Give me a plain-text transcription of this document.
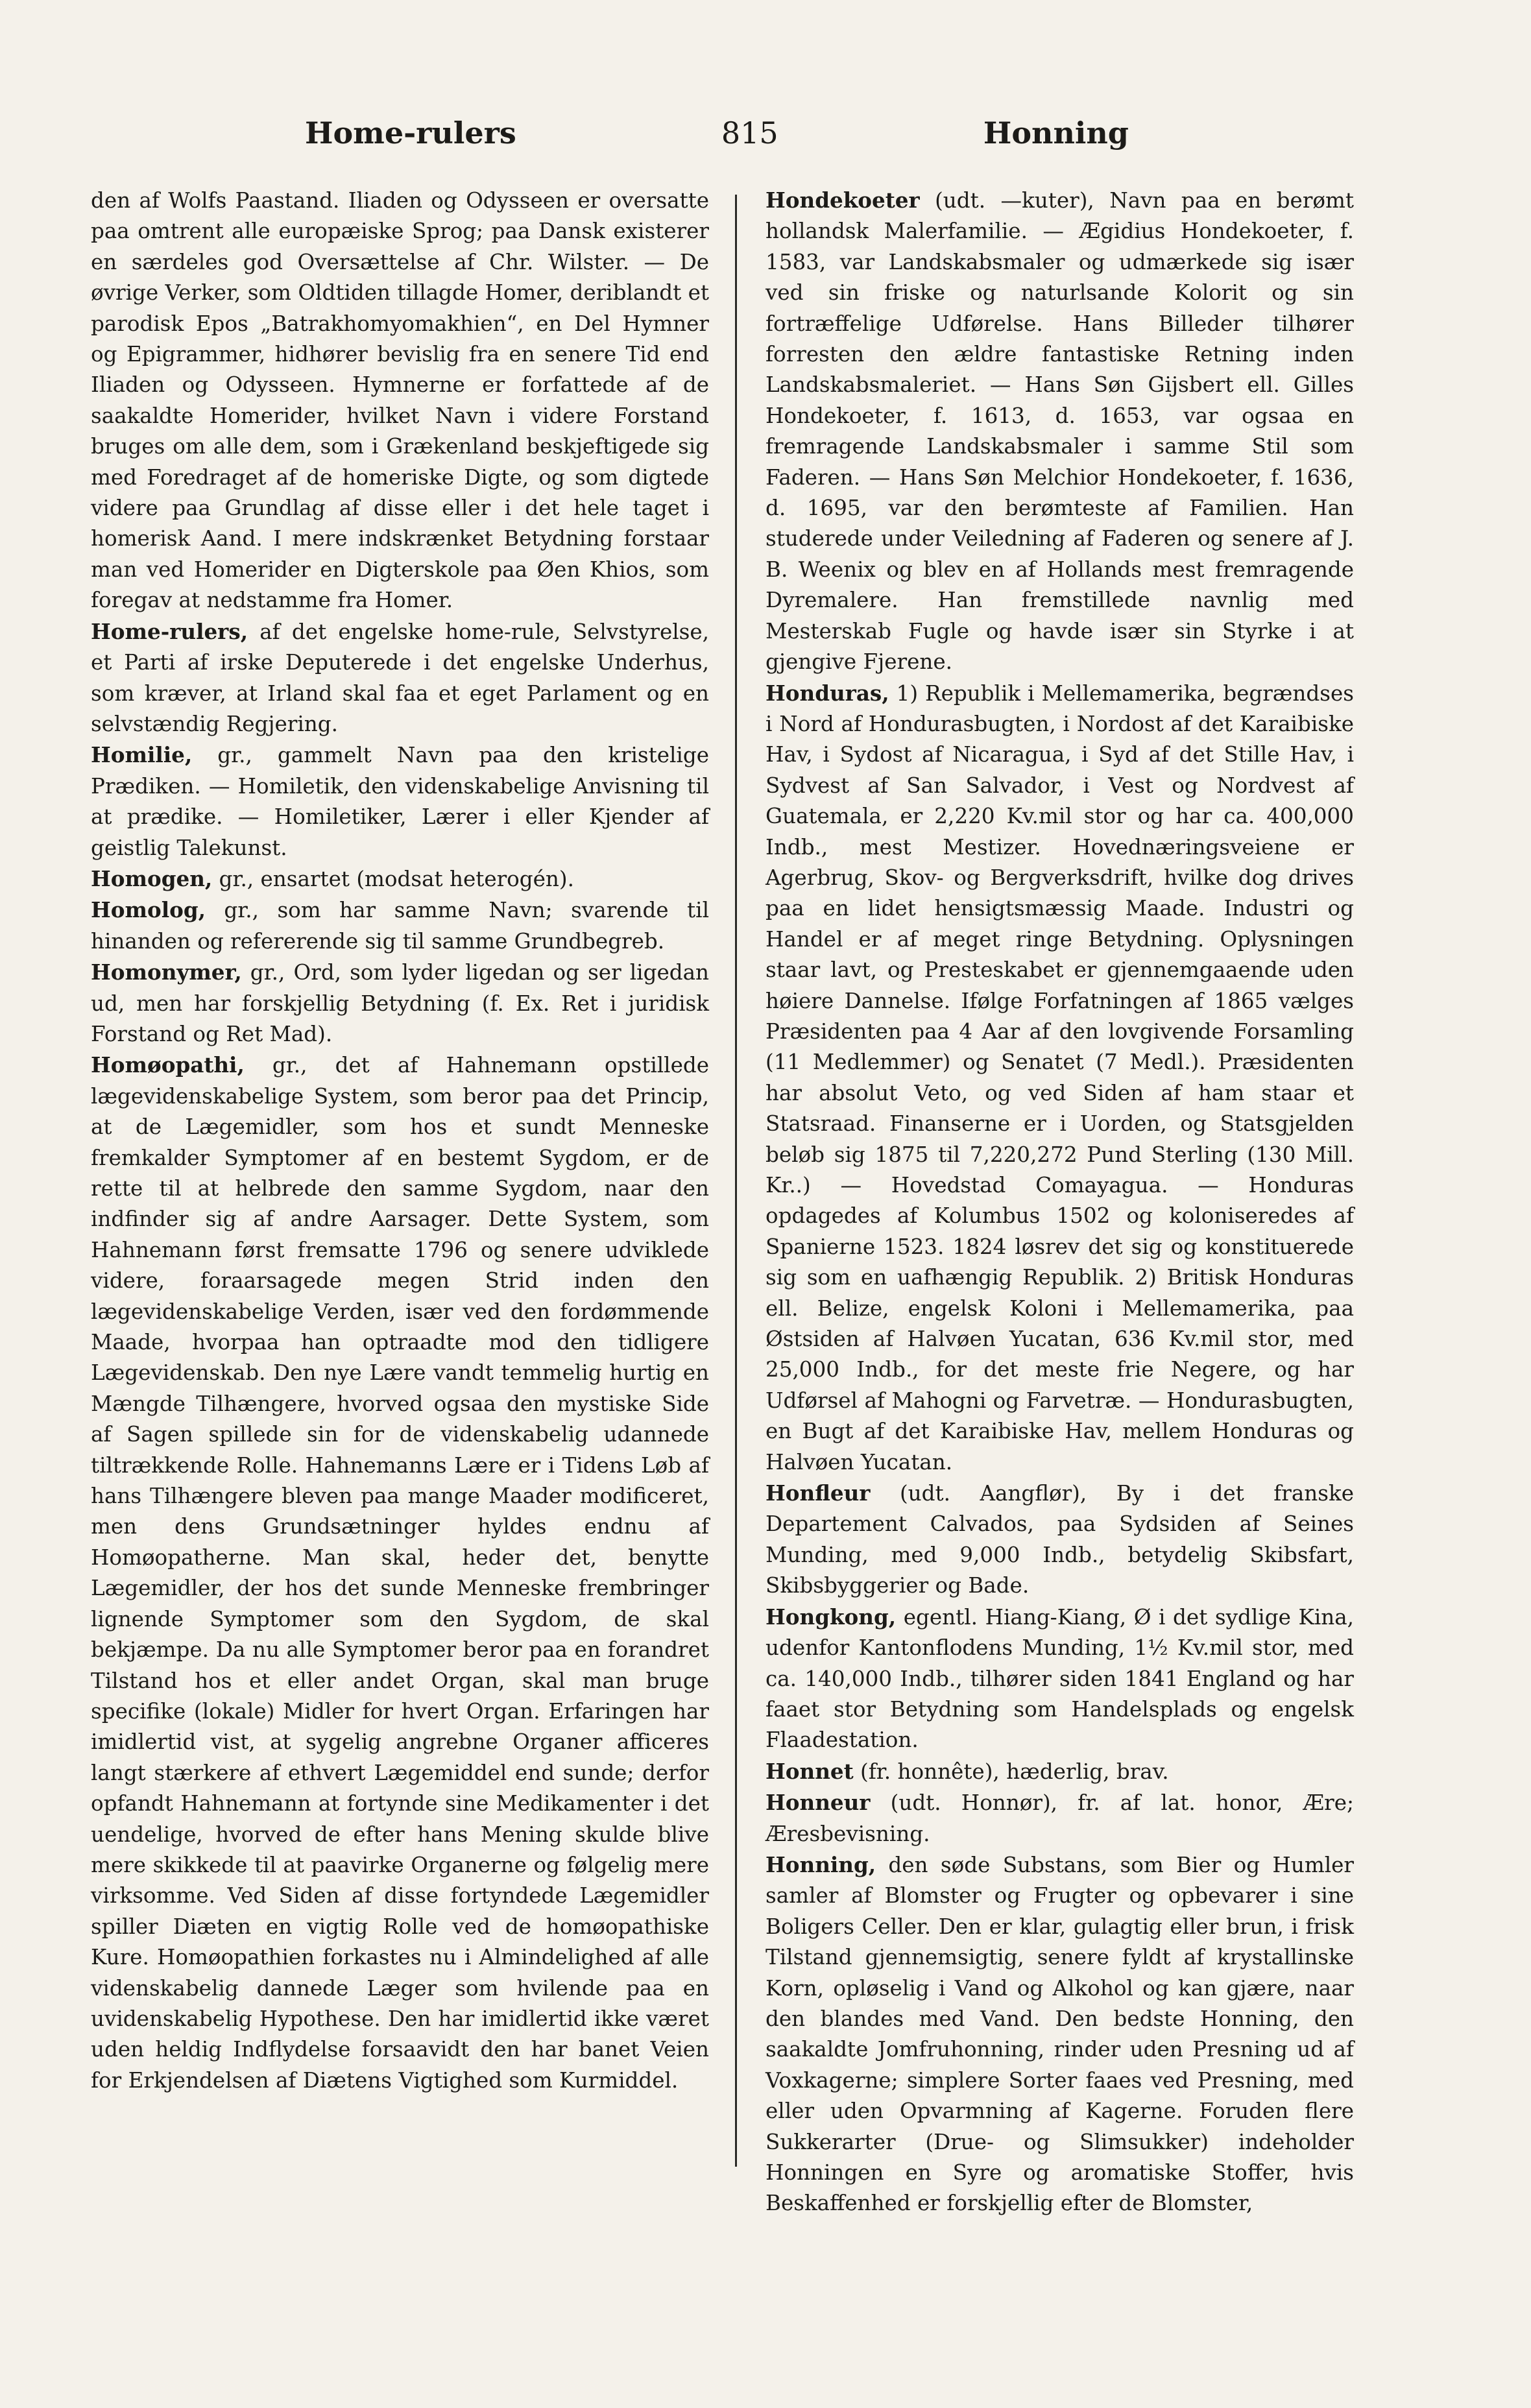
Home-rulers	815	Honning

den af Wolfs Paastand. Iliaden og Odysseen er oversatte paa omtrent alle europæiske Sprog; paa Dansk existerer en særdeles god Oversættelse af Chr. Wilster. — De øvrige Verker, som Oldtiden tillagde Homer, deriblandt et parodisk Epos „Batrakhomyomakhien“, en Del Hymner og Epigrammer, hidhører bevislig fra en senere Tid end Iliaden og Odysseen. Hymnerne er forfattede af de saakaldte Homerider, hvilket Navn i videre Forstand bruges om alle dem, som i Grækenland beskjeftigede sig med Foredraget af de homeriske Digte, og som digtede videre paa Grundlag af disse eller i det hele taget i homerisk Aand. I mere indskrænket Betydning forstaar man ved Homerider en Digterskole paa Øen Khios, som foregav at nedstamme fra Homer.

Home-rulers, af det engelske home-rule, Selvstyrelse, et Parti af irske Deputerede i det engelske Underhus, som kræver, at Irland skal faa et eget Parlament og en selvstændig Regjering.

Homilie, gr., gammelt Navn paa den kristelige Prædiken. — Homiletik, den videnskabelige Anvisning til at prædike. — Homiletiker, Lærer i eller Kjender af geistlig Talekunst.

Homogen, gr., ensartet (modsat heterogén).

Homolog, gr., som har samme Navn; svarende til hinanden og refererende sig til samme Grundbegreb.

Homonymer, gr., Ord, som lyder ligedan og ser ligedan ud, men har forskjellig Betydning (f. Ex. Ret i juridisk Forstand og Ret Mad).

Homøopathi, gr., det af Hahnemann opstillede lægevidenskabelige System, som beror paa det Princip, at de Lægemidler, som hos et sundt Menneske fremkalder Symptomer af en bestemt Sygdom, er de rette til at helbrede den samme Sygdom, naar den indfinder sig af andre Aarsager. Dette System, som Hahnemann først fremsatte 1796 og senere udviklede videre, foraarsagede megen Strid inden den lægevidenskabelige Verden, især ved den fordømmende Maade, hvorpaa han optraadte mod den tidligere Lægevidenskab. Den nye Lære vandt temmelig hurtig en Mængde Tilhængere, hvorved ogsaa den mystiske Side af Sagen spillede sin for de videnskabelig udannede tiltrækkende Rolle. Hahnemanns Lære er i Tidens Løb af hans Tilhængere bleven paa mange Maader modificeret, men dens Grundsætninger hyldes endnu af Homøopatherne. Man skal, heder det, benytte Lægemidler, der hos det sunde Menneske frembringer lignende Symptomer som den Sygdom, de skal bekjæmpe. Da nu alle Symptomer beror paa en forandret Tilstand hos et eller andet Organ, skal man bruge specifike (lokale) Midler for hvert Organ. Erfaringen har imidlertid vist, at sygelig angrebne Organer afficeres langt stærkere af ethvert Lægemiddel end sunde; derfor opfandt Hahnemann at fortynde sine Medikamenter i det uendelige, hvorved de efter hans Mening skulde blive mere skikkede til at paavirke Organerne og følgelig mere virksomme. Ved Siden af disse fortyndede Lægemidler spiller Diæten en vigtig Rolle ved de homøopathiske Kure. Homøopathien forkastes nu i Almindelighed af alle videnskabelig dannede Læger som hvilende paa en uvidenskabelig Hypothese. Den har imidlertid ikke været uden heldig Indflydelse forsaavidt den har banet Veien for Erkjendelsen af Diætens Vigtighed som Kurmiddel.

Hondekoeter (udt. —kuter), Navn paa en berømt hollandsk Malerfamilie. — Ægidius Hondekoeter, f. 1583, var Landskabsmaler og udmærkede sig især ved sin friske og naturlsande Kolorit og sin fortræffelige Udførelse. Hans Billeder tilhører forresten den ældre fantastiske Retning inden Landskabsmaleriet. — Hans Søn Gijsbert ell. Gilles Hondekoeter, f. 1613, d. 1653, var ogsaa en fremragende Landskabsmaler i samme Stil som Faderen. — Hans Søn Melchior Hondekoeter, f. 1636, d. 1695, var den berømteste af Familien. Han studerede under Veiledning af Faderen og senere af J. B. Weenix og blev en af Hollands mest fremragende Dyremalere. Han fremstillede navnlig med Mesterskab Fugle og havde især sin Styrke i at gjengive Fjerene.

Honduras, 1) Republik i Mellemamerika, begrændses i Nord af Hondurasbugten, i Nordost af det Karaibiske Hav, i Sydost af Nicaragua, i Syd af det Stille Hav, i Sydvest af San Salvador, i Vest og Nordvest af Guatemala, er 2,220 Kv.mil stor og har ca. 400,000 Indb., mest Mestizer. Hovednæringsveiene er Agerbrug, Skov- og Bergverksdrift, hvilke dog drives paa en lidet hensigtsmæssig Maade. Industri og Handel er af meget ringe Betydning. Oplysningen staar lavt, og Presteskabet er gjennemgaaende uden høiere Dannelse. Ifølge Forfatningen af 1865 vælges Præsidenten paa 4 Aar af den lovgivende Forsamling (11 Medlemmer) og Senatet (7 Medl.). Præsidenten har absolut Veto, og ved Siden af ham staar et Statsraad. Finanserne er i Uorden, og Statsgjelden beløb sig 1875 til 7,220,272 Pund Sterling (130 Mill. Kr..) — Hovedstad Comayagua. — Honduras opdagedes af Kolumbus 1502 og koloniseredes af Spanierne 1523. 1824 løsrev det sig og konstituerede sig som en uafhængig Republik. 2) Britisk Honduras ell. Belize, engelsk Koloni i Mellemamerika, paa Østsiden af Halvøen Yucatan, 636 Kv.mil stor, med 25,000 Indb., for det meste frie Negere, og har Udførsel af Mahogni og Farvetræ. — Hondurasbugten, en Bugt af det Karaibiske Hav, mellem Honduras og Halvøen Yucatan.

Honfleur (udt. Aangflør), By i det franske Departement Calvados, paa Sydsiden af Seines Munding, med 9,000 Indb., betydelig Skibsfart, Skibsbyggerier og Bade.

Hongkong, egentl. Hiang-Kiang, Ø i det sydlige Kina, udenfor Kantonflodens Munding, 1½ Kv.mil stor, med ca. 140,000 Indb., tilhører siden 1841 England og har faaet stor Betydning som Handelsplads og engelsk Flaadestation.

Honnet (fr. honnête), hæderlig, brav.

Honneur (udt. Honnør), fr. af lat. honor, Ære; Æresbevisning.

Honning, den søde Substans, som Bier og Humler samler af Blomster og Frugter og opbevarer i sine Boligers Celler. Den er klar, gulagtig eller brun, i frisk Tilstand gjennemsigtig, senere fyldt af krystallinske Korn, opløselig i Vand og Alkohol og kan gjære, naar den blandes med Vand. Den bedste Honning, den saakaldte Jomfruhonning, rinder uden Presning ud af Voxkagerne; simplere Sorter faaes ved Presning, med eller uden Opvarmning af Kagerne. Foruden flere Sukkerarter (Drue- og Slimsukker) indeholder Honningen en Syre og aromatiske Stoffer, hvis Beskaffenhed er forskjellig efter de Blomster,
